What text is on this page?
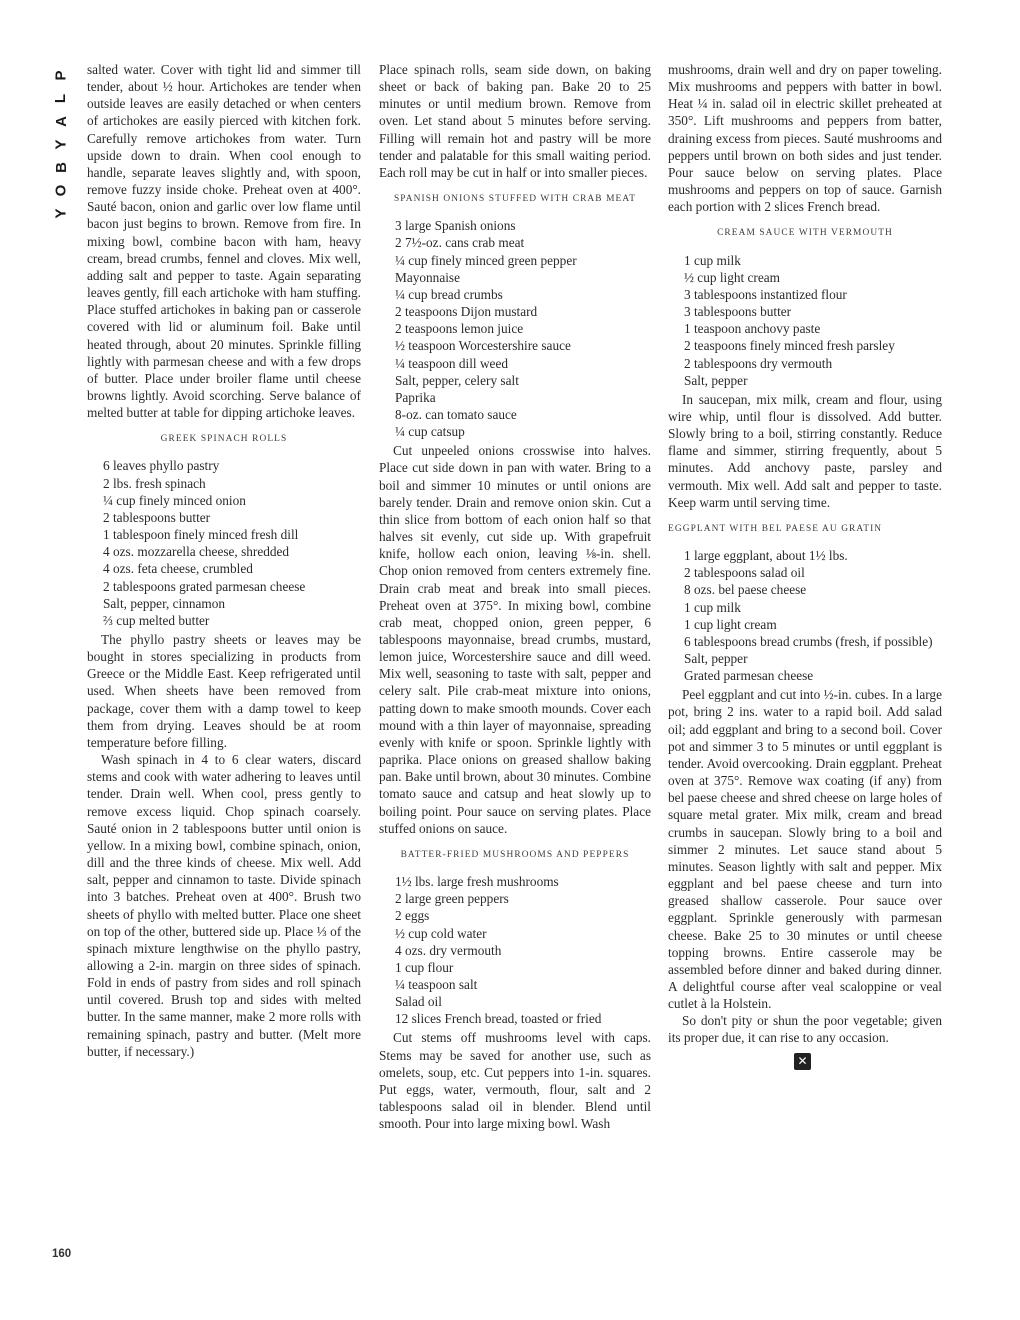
P
L
A
Y
B
O
Y
160

salted water. Cover with tight lid and simmer till tender, about ½ hour. Artichokes are tender when outside leaves are easily detached or when centers of artichokes are easily pierced with kitchen fork. Carefully remove artichokes from water. Turn upside down to drain. When cool enough to handle, separate leaves slightly and, with spoon, remove fuzzy inside choke. Preheat oven at 400°. Sauté bacon, onion and garlic over low flame until bacon just begins to brown. Remove from fire. In mixing bowl, combine bacon with ham, heavy cream, bread crumbs, fennel and cloves. Mix well, adding salt and pepper to taste. Again separating leaves gently, fill each artichoke with ham stuffing. Place stuffed artichokes in baking pan or casserole covered with lid or aluminum foil. Bake until heated through, about 20 minutes. Sprinkle filling lightly with parmesan cheese and with a few drops of butter. Place under broiler flame until cheese browns lightly. Avoid scorching. Serve balance of melted butter at table for dipping artichoke leaves.

GREEK SPINACH ROLLS
6 leaves phyllo pastry
2 lbs. fresh spinach
¼ cup finely minced onion
2 tablespoons butter
1 tablespoon finely minced fresh dill
4 ozs. mozzarella cheese, shredded
4 ozs. feta cheese, crumbled
2 tablespoons grated parmesan cheese
Salt, pepper, cinnamon
⅔ cup melted butter

The phyllo pastry sheets or leaves may be bought in stores specializing in products from Greece or the Middle East. Keep refrigerated until used. When sheets have been removed from package, cover them with a damp towel to keep them from drying. Leaves should be at room temperature before filling.

Wash spinach in 4 to 6 clear waters, discard stems and cook with water adhering to leaves until tender. Drain well. When cool, press gently to remove excess liquid. Chop spinach coarsely. Sauté onion in 2 tablespoons butter until onion is yellow. In a mixing bowl, combine spinach, onion, dill and the three kinds of cheese. Mix well. Add salt, pepper and cinnamon to taste. Divide spinach into 3 batches. Preheat oven at 400°. Brush two sheets of phyllo with melted butter. Place one sheet on top of the other, buttered side up. Place ⅓ of the spinach mixture lengthwise on the phyllo pastry, allowing a 2-in. margin on three sides of spinach. Fold in ends of pastry from sides and roll spinach until covered. Brush top and sides with melted butter. In the same manner, make 2 more rolls with remaining spinach, pastry and butter. (Melt more butter, if necessary.)

Place spinach rolls, seam side down, on baking sheet or back of baking pan. Bake 20 to 25 minutes or until medium brown. Remove from oven. Let stand about 5 minutes before serving. Filling will remain hot and pastry will be more tender and palatable for this small waiting period. Each roll may be cut in half or into smaller pieces.

SPANISH ONIONS STUFFED WITH CRAB MEAT
3 large Spanish onions
2 7½-oz. cans crab meat
¼ cup finely minced green pepper
Mayonnaise
¼ cup bread crumbs
2 teaspoons Dijon mustard
2 teaspoons lemon juice
½ teaspoon Worcestershire sauce
¼ teaspoon dill weed
Salt, pepper, celery salt
Paprika
8-oz. can tomato sauce
¼ cup catsup

Cut unpeeled onions crosswise into halves. Place cut side down in pan with water. Bring to a boil and simmer 10 minutes or until onions are barely tender. Drain and remove onion skin. Cut a thin slice from bottom of each onion half so that halves sit evenly, cut side up. With grapefruit knife, hollow each onion, leaving ⅛-in. shell. Chop onion removed from centers extremely fine. Drain crab meat and break into small pieces. Preheat oven at 375°. In mixing bowl, combine crab meat, chopped onion, green pepper, 6 tablespoons mayonnaise, bread crumbs, mustard, lemon juice, Worcestershire sauce and dill weed. Mix well, seasoning to taste with salt, pepper and celery salt. Pile crab-meat mixture into onions, patting down to make smooth mounds. Cover each mound with a thin layer of mayonnaise, spreading evenly with knife or spoon. Sprinkle lightly with paprika. Place onions on greased shallow baking pan. Bake until brown, about 30 minutes. Combine tomato sauce and catsup and heat slowly up to boiling point. Pour sauce on serving plates. Place stuffed onions on sauce.

BATTER-FRIED MUSHROOMS AND PEPPERS
1½ lbs. large fresh mushrooms
2 large green peppers
2 eggs
½ cup cold water
4 ozs. dry vermouth
1 cup flour
¼ teaspoon salt
Salad oil
12 slices French bread, toasted or fried

Cut stems off mushrooms level with caps. Stems may be saved for another use, such as omelets, soup, etc. Cut peppers into 1-in. squares. Put eggs, water, vermouth, flour, salt and 2 tablespoons salad oil in blender. Blend until smooth. Pour into large mixing bowl. Wash

mushrooms, drain well and dry on paper toweling. Mix mushrooms and peppers with batter in bowl. Heat ¼ in. salad oil in electric skillet preheated at 350°. Lift mushrooms and peppers from batter, draining excess from pieces. Sauté mushrooms and peppers until brown on both sides and just tender. Pour sauce below on serving plates. Place mushrooms and peppers on top of sauce. Garnish each portion with 2 slices French bread.

CREAM SAUCE WITH VERMOUTH
1 cup milk
½ cup light cream
3 tablespoons instantized flour
3 tablespoons butter
1 teaspoon anchovy paste
2 teaspoons finely minced fresh parsley
2 tablespoons dry vermouth
Salt, pepper

In saucepan, mix milk, cream and flour, using wire whip, until flour is dissolved. Add butter. Slowly bring to a boil, stirring constantly. Reduce flame and simmer, stirring frequently, about 5 minutes. Add anchovy paste, parsley and vermouth. Mix well. Add salt and pepper to taste. Keep warm until serving time.

EGGPLANT WITH BEL PAESE AU GRATIN
1 large eggplant, about 1½ lbs.
2 tablespoons salad oil
8 ozs. bel paese cheese
1 cup milk
1 cup light cream
6 tablespoons bread crumbs (fresh, if possible)
Salt, pepper
Grated parmesan cheese

Peel eggplant and cut into ½-in. cubes. In a large pot, bring 2 ins. water to a rapid boil. Add salad oil; add eggplant and bring to a second boil. Cover pot and simmer 3 to 5 minutes or until eggplant is tender. Avoid overcooking. Drain eggplant. Preheat oven at 375°. Remove wax coating (if any) from bel paese cheese and shred cheese on large holes of square metal grater. Mix milk, cream and bread crumbs in saucepan. Slowly bring to a boil and simmer 2 minutes. Let sauce stand about 5 minutes. Season lightly with salt and pepper. Mix eggplant and bel paese cheese and turn into greased shallow casserole. Pour sauce over eggplant. Sprinkle generously with parmesan cheese. Bake 25 to 30 minutes or until cheese topping browns. Entire casserole may be assembled before dinner and baked during dinner. A delightful course after veal scaloppine or veal cutlet à la Holstein.

So don't pity or shun the poor vegetable; given its proper due, it can rise to any occasion.

✕
